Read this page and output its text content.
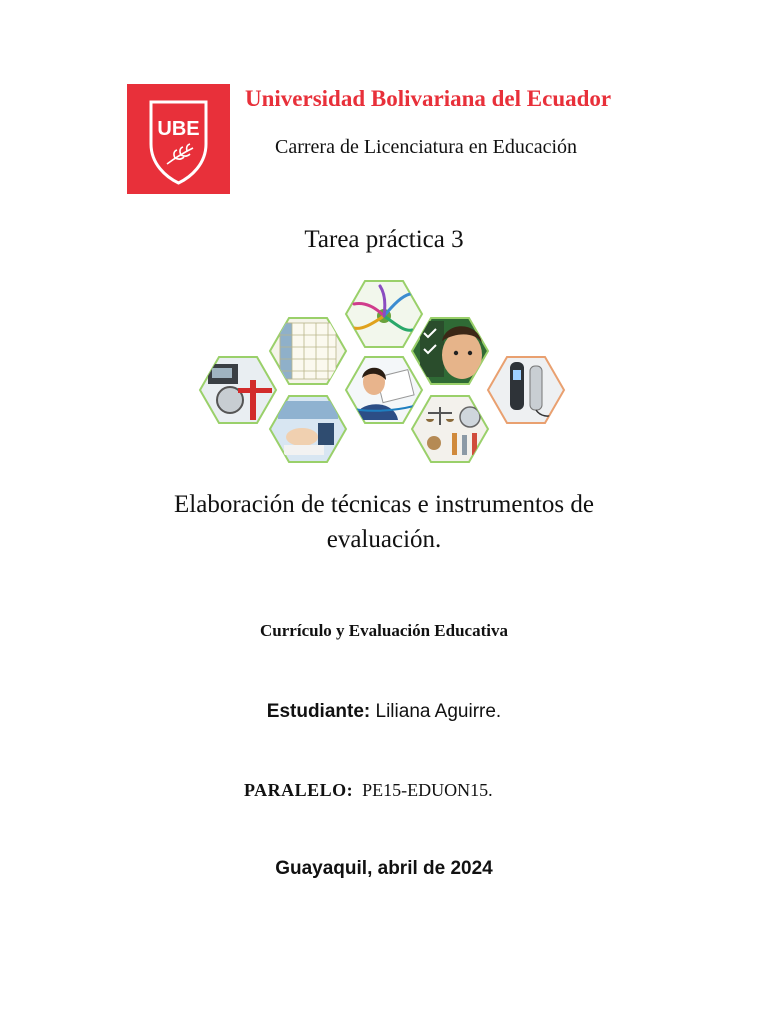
UBE
Universidad Bolivariana del Ecuador
Carrera de Licenciatura en Educación
Tarea práctica 3
Elaboración de técnicas e instrumentos de
evaluación.
Currículo y Evaluación Educativa
Estudiante: Liliana Aguirre.
PARALELO: PE15-EDUON15.
Guayaquil, abril de 2024
